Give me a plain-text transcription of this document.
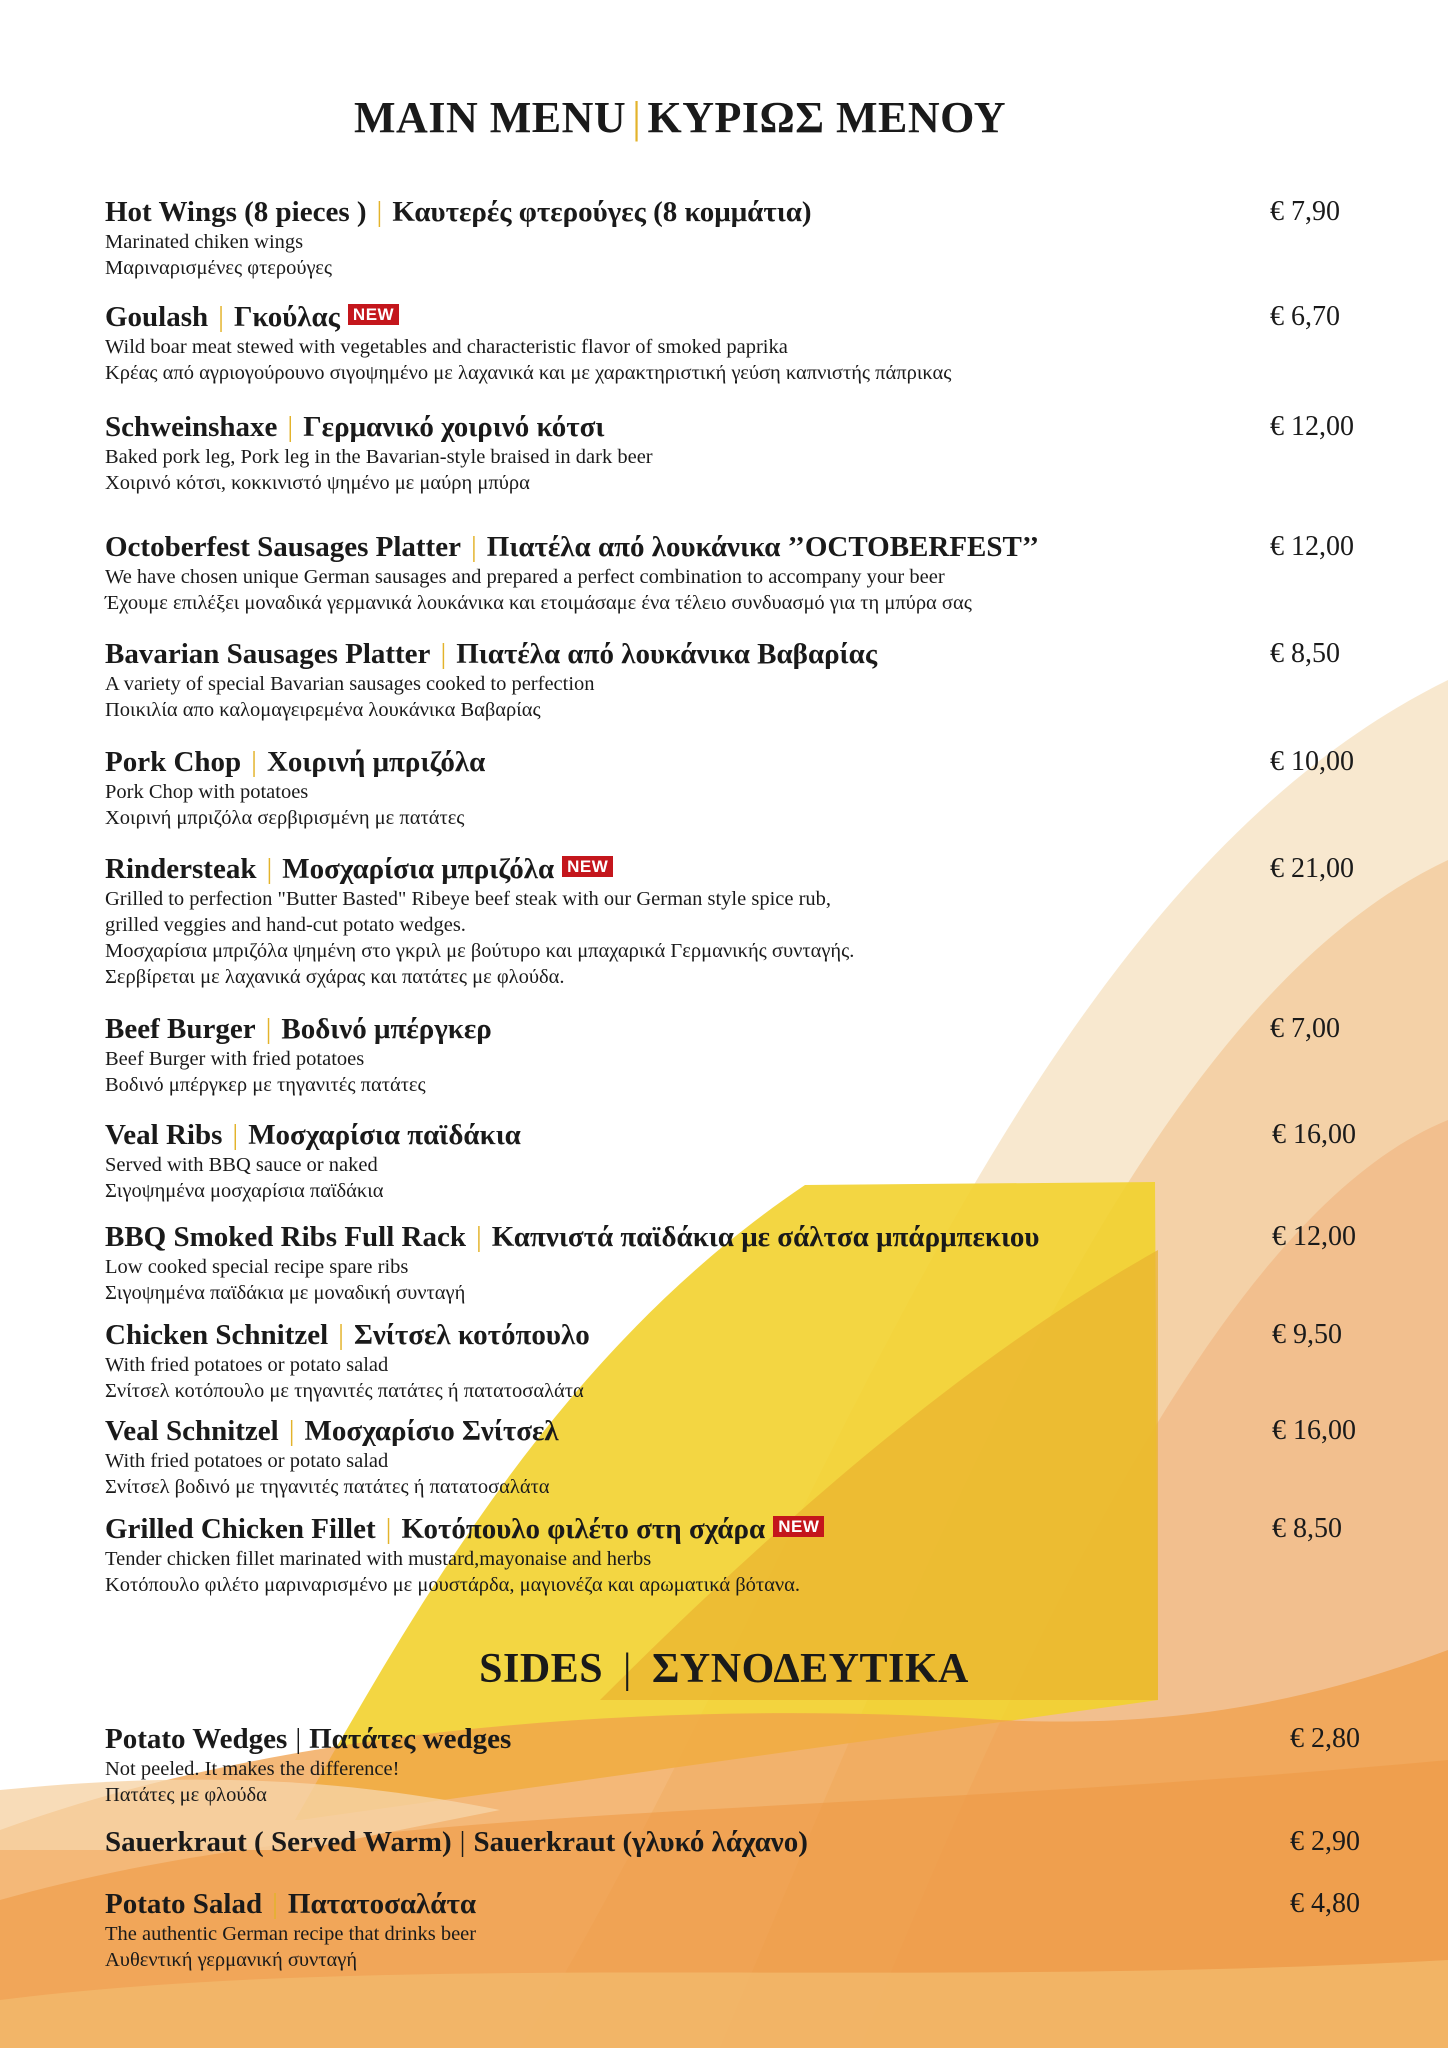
MAIN MENU | ΚΥΡΙΩΣ ΜΕΝΟΥ
Hot Wings (8 pieces ) | Καυτερές φτερούγες (8 κομμάτια)
Marinated chiken wings
Μαριναρισμένες φτερούγες
€ 7,90
Goulash | Γκούλας NEW
Wild boar meat stewed with vegetables and characteristic flavor of smoked paprika
Κρέας από αγριογούρουνο σιγοψημένο με λαχανικά και με χαρακτηριστική γεύση καπνιστής πάπρικας
€ 6,70
Schweinshaxe | Γερμανικό χοιρινό κότσι
Baked pork leg, Pork leg in the Bavarian-style braised in dark beer
Χοιρινό κότσι, κοκκινιστό ψημένο με μαύρη μπύρα
€ 12,00
Octoberfest Sausages Platter | Πιατέλα από λουκάνικα ’’OCTOBERFEST’’
We have chosen unique German sausages and prepared a perfect combination to accompany your beer
Έχουμε επιλέξει μοναδικά γερμανικά λουκάνικα και ετοιμάσαμε ένα τέλειο συνδυασμό για τη μπύρα σας
€ 12,00
Bavarian Sausages Platter | Πιατέλα από λουκάνικα Βαβαρίας
A variety of special Bavarian sausages cooked to perfection
Ποικιλία απο καλομαγειρεμένα λουκάνικα Βαβαρίας
€ 8,50
Pork Chop | Χοιρινή μπριζόλα
Pork Chop with potatoes
Χοιρινή μπριζόλα σερβιρισμένη με πατάτες
€ 10,00
Rindersteak | Μοσχαρίσια μπριζόλα NEW
Grilled to perfection "Butter Basted" Ribeye beef steak with our German style spice rub,
grilled veggies and hand-cut potato wedges.
Μοσχαρίσια μπριζόλα ψημένη στο γκριλ με βούτυρο και μπαχαρικά Γερμανικής συνταγής.
Σερβίρεται με λαχανικά σχάρας και πατάτες με φλούδα.
€ 21,00
Beef Burger | Βοδινό μπέργκερ
Beef Burger with fried potatoes
Βοδινό μπέργκερ με τηγανιτές πατάτες
€ 7,00
Veal Ribs | Μοσχαρίσια παϊδάκια
Served with BBQ sauce or naked
Σιγοψημένα μοσχαρίσια παϊδάκια
€ 16,00
BBQ Smoked Ribs Full Rack | Καπνιστά παϊδάκια με σάλτσα μπάρμπεκιου
Low cooked special recipe spare ribs
Σιγοψημένα παϊδάκια με μοναδική συνταγή
€ 12,00
Chicken Schnitzel | Σνίτσελ κοτόπουλο
With fried potatoes or potato salad
Σνίτσελ κοτόπουλο με τηγανιτές πατάτες ή πατατοσαλάτα
€ 9,50
Veal Schnitzel | Μοσχαρίσιο Σνίτσελ
With fried potatoes or potato salad
Σνίτσελ βοδινό με τηγανιτές πατάτες ή πατατοσαλάτα
€ 16,00
Grilled Chicken Fillet | Κοτόπουλο φιλέτο στη σχάρα NEW
Tender chicken fillet marinated with mustard,mayonaise and herbs
Κοτόπουλο φιλέτο μαριναρισμένο με μουστάρδα, μαγιονέζα και αρωματικά βότανα.
€ 8,50
SIDES | ΣΥΝΟΔΕΥΤΙΚΑ
Potato Wedges | Πατάτες wedges
Not peeled. It makes the difference!
Πατάτες με φλούδα
€ 2,80
Sauerkraut ( Served Warm) | Sauerkraut (γλυκό λάχανο)	€ 2,90
Potato Salad | Πατατοσαλάτα
The authentic German recipe that drinks beer
Αυθεντική γερμανική συνταγή
€ 4,80
